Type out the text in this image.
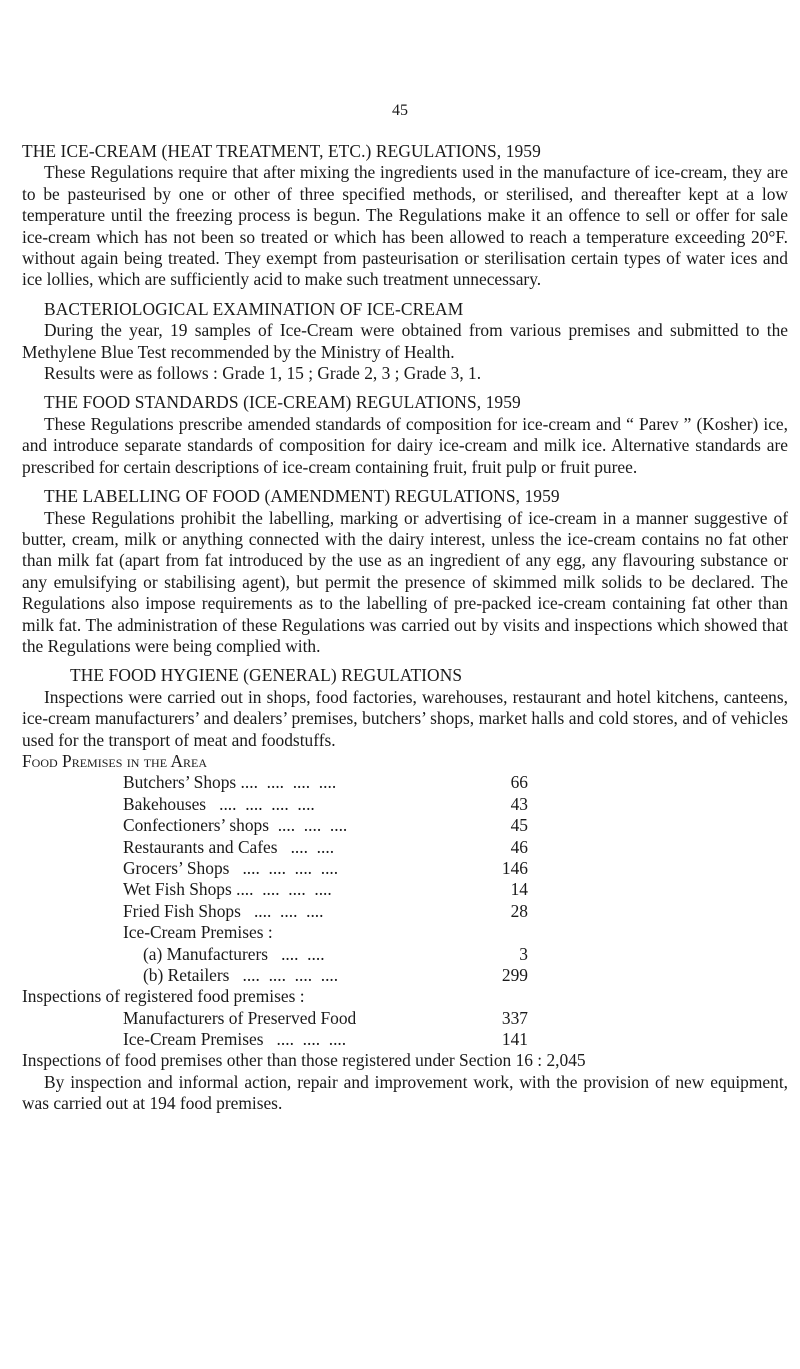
45
THE ICE-CREAM (HEAT TREATMENT, ETC.) REGULATIONS, 1959

These Regulations require that after mixing the ingredients used in the manufacture of ice-cream, they are to be pasteurised by one or other of three specified methods, or sterilised, and thereafter kept at a low temperature until the freezing process is begun. The Regulations make it an offence to sell or offer for sale ice-cream which has not been so treated or which has been allowed to reach a temperature exceeding 20°F. without again being treated. They exempt from pasteurisation or sterilisation certain types of water ices and ice lollies, which are sufficiently acid to make such treatment unnecessary.

BACTERIOLOGICAL EXAMINATION OF ICE-CREAM

During the year, 19 samples of Ice-Cream were obtained from various premises and submitted to the Methylene Blue Test recommended by the Ministry of Health.

Results were as follows : Grade 1, 15 ; Grade 2, 3 ; Grade 3, 1.

THE FOOD STANDARDS (ICE-CREAM) REGULATIONS, 1959

These Regulations prescribe amended standards of composition for ice-cream and “ Parev ” (Kosher) ice, and introduce separate standards of composition for dairy ice-cream and milk ice. Alternative standards are prescribed for certain descriptions of ice-cream containing fruit, fruit pulp or fruit puree.

THE LABELLING OF FOOD (AMENDMENT) REGULATIONS, 1959

These Regulations prohibit the labelling, marking or advertising of ice-cream in a manner suggestive of butter, cream, milk or anything connected with the dairy interest, unless the ice-cream contains no fat other than milk fat (apart from fat introduced by the use as an ingredient of any egg, any flavouring substance or any emulsifying or stabilising agent), but permit the presence of skimmed milk solids to be declared. The Regulations also impose requirements as to the labelling of pre-packed ice-cream containing fat other than milk fat. The administration of these Regulations was carried out by visits and inspections which showed that the Regulations were being complied with.

THE FOOD HYGIENE (GENERAL) REGULATIONS

Inspections were carried out in shops, food factories, warehouses, restaurant and hotel kitchens, canteens, ice-cream manufacturers’ and dealers’ premises, butchers’ shops, market halls and cold stores, and of vehicles used for the transport of meat and foodstuffs.

Food Premises in the Area
Butchers’ Shops ....  ....  ....  ....	66
Bakehouses   ....  ....  ....  ....	43
Confectioners’ shops  ....  ....  ....	45
Restaurants and Cafes   ....  ....	46
Grocers’ Shops   ....  ....  ....  ....	146
Wet Fish Shops ....  ....  ....  ....	14
Fried Fish Shops   ....  ....  ....	28
Ice-Cream Premises :
(a) Manufacturers   ....  ....	3
(b) Retailers   ....  ....  ....  ....	299
Inspections of registered food premises :
Manufacturers of Preserved Food	337
Ice-Cream Premises   ....  ....  ....	141
Inspections of food premises other than those registered under Section 16 : 2,045

By inspection and informal action, repair and improvement work, with the provision of new equipment, was carried out at 194 food premises.
